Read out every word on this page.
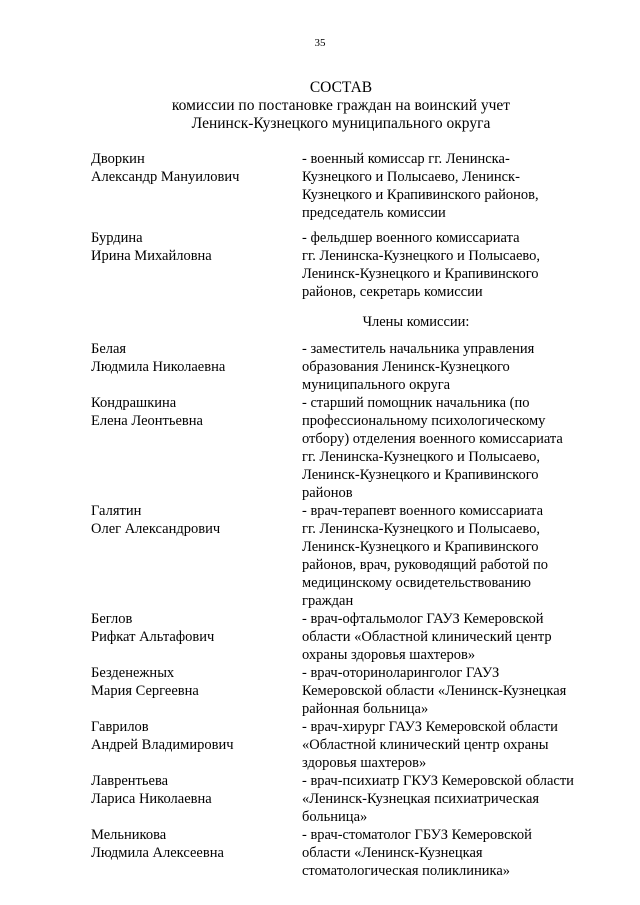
35
СОСТАВ
комиссии по постановке граждан на воинский учет
Ленинск-Кузнецкого муниципального округа
Дворкин
Александр Мануилович
- военный комиссар гг. Ленинска-
Кузнецкого и Полысаево, Ленинск-
Кузнецкого и Крапивинского районов,
председатель комиссии
Бурдина
Ирина Михайловна
- фельдшер военного комиссариата
гг. Ленинска-Кузнецкого и Полысаево,
Ленинск-Кузнецкого и Крапивинского
районов, секретарь комиссии
Члены комиссии:
Белая
Людмила Николаевна
- заместитель начальника управления
образования Ленинск-Кузнецкого
муниципального округа
Кондрашкина
Елена Леонтьевна
- старший помощник начальника (по
профессиональному психологическому
отбору) отделения военного комиссариата
гг. Ленинска-Кузнецкого и Полысаево,
Ленинск-Кузнецкого и Крапивинского
районов
Галятин
Олег Александрович
- врач-терапевт военного комиссариата
гг. Ленинска-Кузнецкого и Полысаево,
Ленинск-Кузнецкого и Крапивинского
районов, врач, руководящий работой по
медицинскому освидетельствованию
граждан
Беглов
Рифкат Альтафович
- врач-офтальмолог ГАУЗ Кемеровской
области «Областной клинический центр
охраны здоровья шахтеров»
Безденежных
Мария Сергеевна
- врач-оториноларинголог ГАУЗ
Кемеровской области «Ленинск-Кузнецкая
районная больница»
Гаврилов
Андрей Владимирович
- врач-хирург ГАУЗ Кемеровской области
«Областной клинический центр охраны
здоровья шахтеров»
Лаврентьева
Лариса Николаевна
- врач-психиатр ГКУЗ Кемеровской области
«Ленинск-Кузнецкая психиатрическая
больница»
Мельникова
Людмила Алексеевна
- врач-стоматолог ГБУЗ Кемеровской
области «Ленинск-Кузнецкая
стоматологическая поликлиника»
